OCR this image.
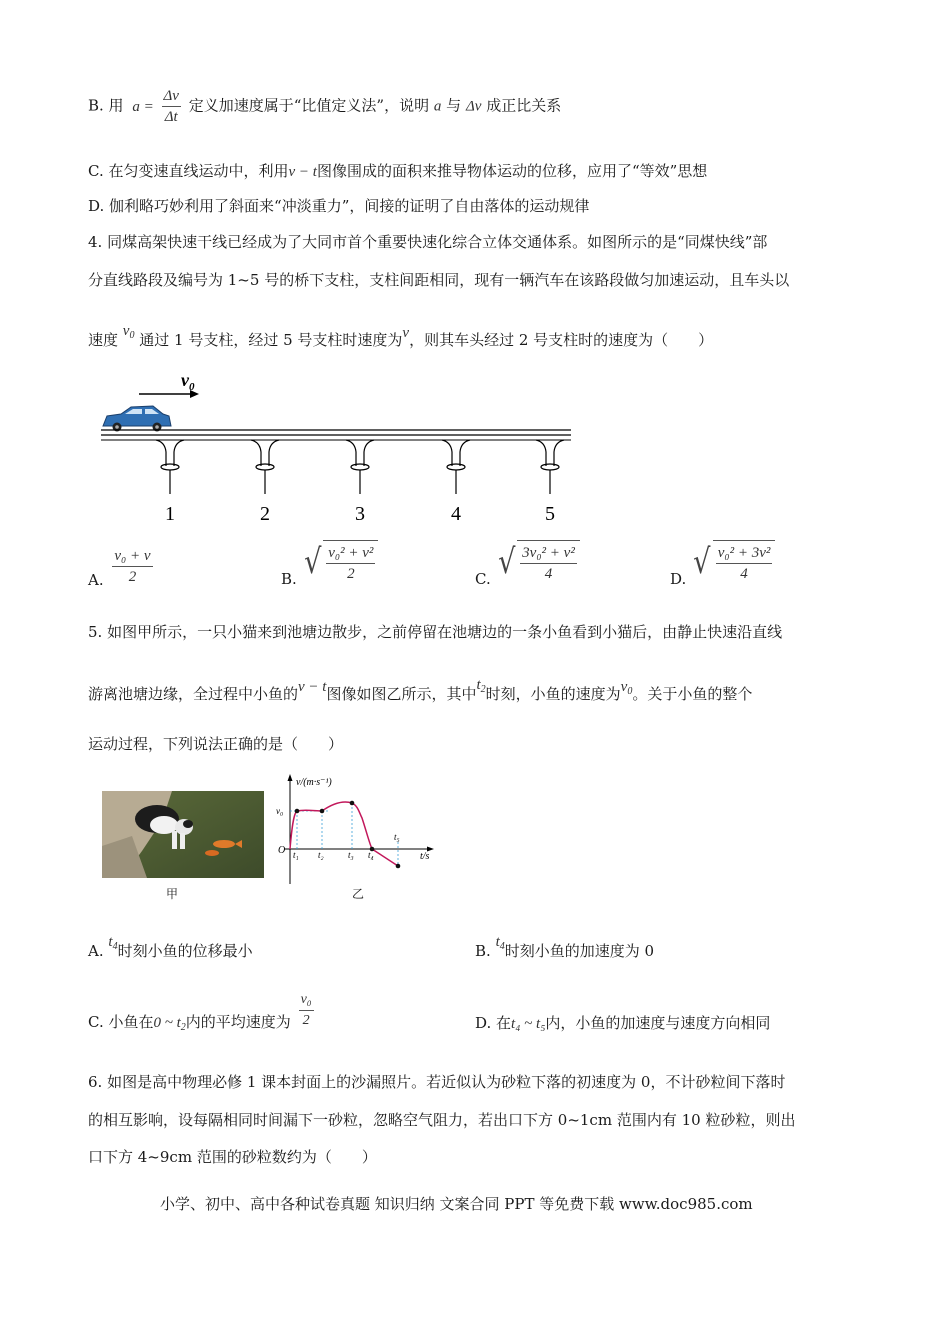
B. 用 $a = \frac{\Delta v}{\Delta t}$ 定义加速度属于“比值定义法”，说明 a 与 Δv 成正比关系
C. 在匀变速直线运动中，利用v − t图像围成的面积来推导物体运动的位移，应用了“等效”思想
D. 伽利略巧妙利用了斜面来“冲淡重力”，间接的证明了自由落体的运动规律
4. 同煤高架快速干线已经成为了大同市首个重要快速化综合立体交通体系。如图所示的是“同煤快线”部
分直线路段及编号为 1~5 号的桥下支柱，支柱间距相同，现有一辆汽车在该路段做匀加速运动，且车头以
速度 $v_0$ 通过 1 号支柱，经过 5 号支柱时速度为v，则其车头经过 2 号支柱时的速度为（　　）
$v_0$
1	2	3	4	5
A. $\frac{\text{v₀ + v}}{2}$	B. √ $\frac{\text{v₀² + v²}}{2}$	C. √ $\frac{\text{3v₀² + v²}}{4}$	D. √ $\frac{\text{v₀² + 3v²}}{4}$
5. 如图甲所示，一只小猫来到池塘边散步，之前停留在池塘边的一条小鱼看到小猫后，由静止快速沿直线
游离池塘边缘，全过程中小鱼的v − t图像如图乙所示，其中$t_2$时刻，小鱼的速度为$v_0$。关于小鱼的整个
运动过程，下列说法正确的是（　　）
甲
v/(m·s⁻¹)
t/s
O
v₀
t₁ t₂	t₃ t₄
t₅
乙
A. $t_4$时刻小鱼的位移最小	B. $t_4$时刻小鱼的加速度为 0
C. 小鱼在0 ~ $t_2$内的平均速度为 $\frac{\text{v₀}}{2}$	D. 在t₄ ~ t₅内，小鱼的加速度与速度方向相同
6. 如图是高中物理必修 1 课本封面上的沙漏照片。若近似认为砂粒下落的初速度为 0，不计砂粒间下落时
的相互影响，设每隔相同时间漏下一砂粒，忽略空气阻力，若出口下方 0~1cm 范围内有 10 粒砂粒，则出
口下方 4~9cm 范围的砂粒数约为（　　）
小学、初中、高中各种试卷真题 知识归纳 文案合同 PPT 等免费下载 www.doc985.com
